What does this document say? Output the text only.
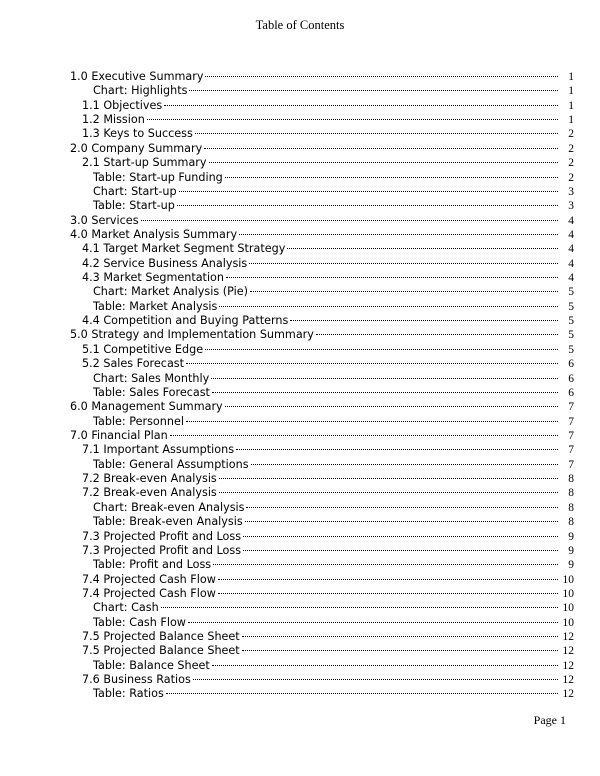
Table of Contents
1.0 Executive Summary	1
Chart: Highlights	1
1.1 Objectives	1
1.2 Mission	1
1.3 Keys to Success	2
2.0 Company Summary	2
2.1 Start-up Summary	2
Table: Start-up Funding	2
Chart: Start-up	3
Table: Start-up	3
3.0 Services	4
4.0 Market Analysis Summary	4
4.1 Target Market Segment Strategy	4
4.2 Service Business Analysis	4
4.3 Market Segmentation	4
Chart: Market Analysis (Pie)	5
Table: Market Analysis	5
4.4 Competition and Buying Patterns	5
5.0 Strategy and Implementation Summary	5
5.1 Competitive Edge	5
5.2 Sales Forecast	6
Chart: Sales Monthly	6
Table: Sales Forecast	6
6.0 Management Summary	7
Table: Personnel	7
7.0 Financial Plan	7
7.1 Important Assumptions	7
Table: General Assumptions	7
7.2 Break-even Analysis	8
7.2 Break-even Analysis	8
Chart: Break-even Analysis	8
Table: Break-even Analysis	8
7.3 Projected Profit and Loss	9
7.3 Projected Profit and Loss	9
Table: Profit and Loss	9
7.4 Projected Cash Flow	10
7.4 Projected Cash Flow	10
Chart: Cash	10
Table: Cash Flow	10
7.5 Projected Balance Sheet	12
7.5 Projected Balance Sheet	12
Table: Balance Sheet	12
7.6 Business Ratios	12
Table: Ratios	12
Page 1
